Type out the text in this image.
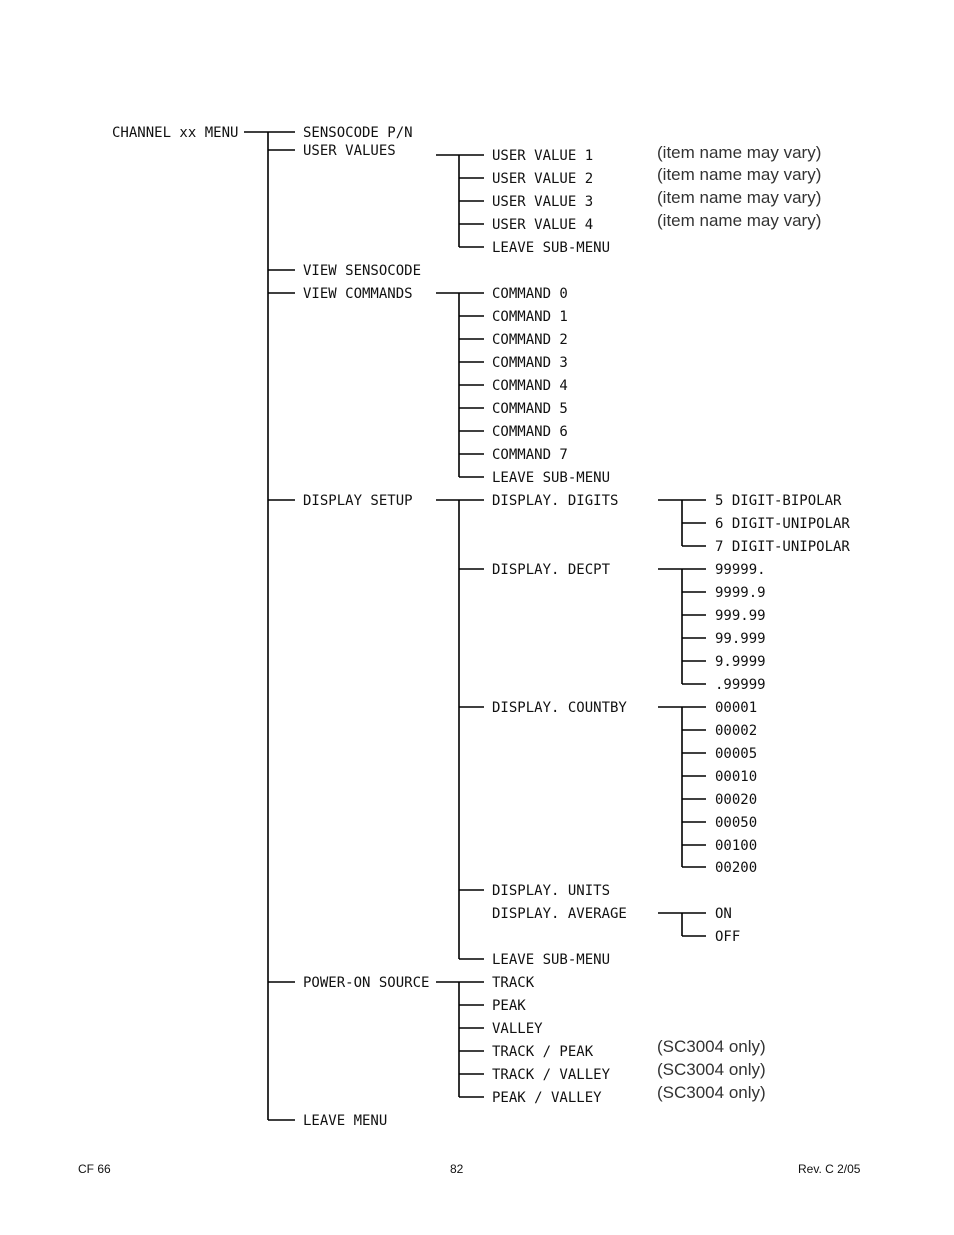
CHANNEL xx MENU	SENSOCODE P/N
USER VALUES
VIEW SENSOCODE
VIEW COMMANDS
DISPLAY SETUP
POWER-ON SOURCE
LEAVE MENU
USER VALUE 1
USER VALUE 2
USER VALUE 3
USER VALUE 4
LEAVE SUB-MENU
(item name may vary)
(item name may vary)
(item name may vary)
(item name may vary)
COMMAND 0
COMMAND 1
COMMAND 2
COMMAND 3
COMMAND 4
COMMAND 5
COMMAND 6
COMMAND 7
LEAVE SUB-MENU
DISPLAY. DIGITS
DISPLAY. DECPT
DISPLAY. COUNTBY
DISPLAY. UNITS
DISPLAY. AVERAGE
LEAVE SUB-MENU
5 DIGIT-BIPOLAR
6 DIGIT-UNIPOLAR
7 DIGIT-UNIPOLAR
99999.
9999.9
999.99
99.999
9.9999
.99999
00001
00002
00005
00010
00020
00050
00100
00200
ON
OFF
TRACK
PEAK
VALLEY
TRACK / PEAK
TRACK / VALLEY
PEAK / VALLEY
(SC3004 only)
(SC3004 only)
(SC3004 only)
CF 66	82	Rev. C 2/05
